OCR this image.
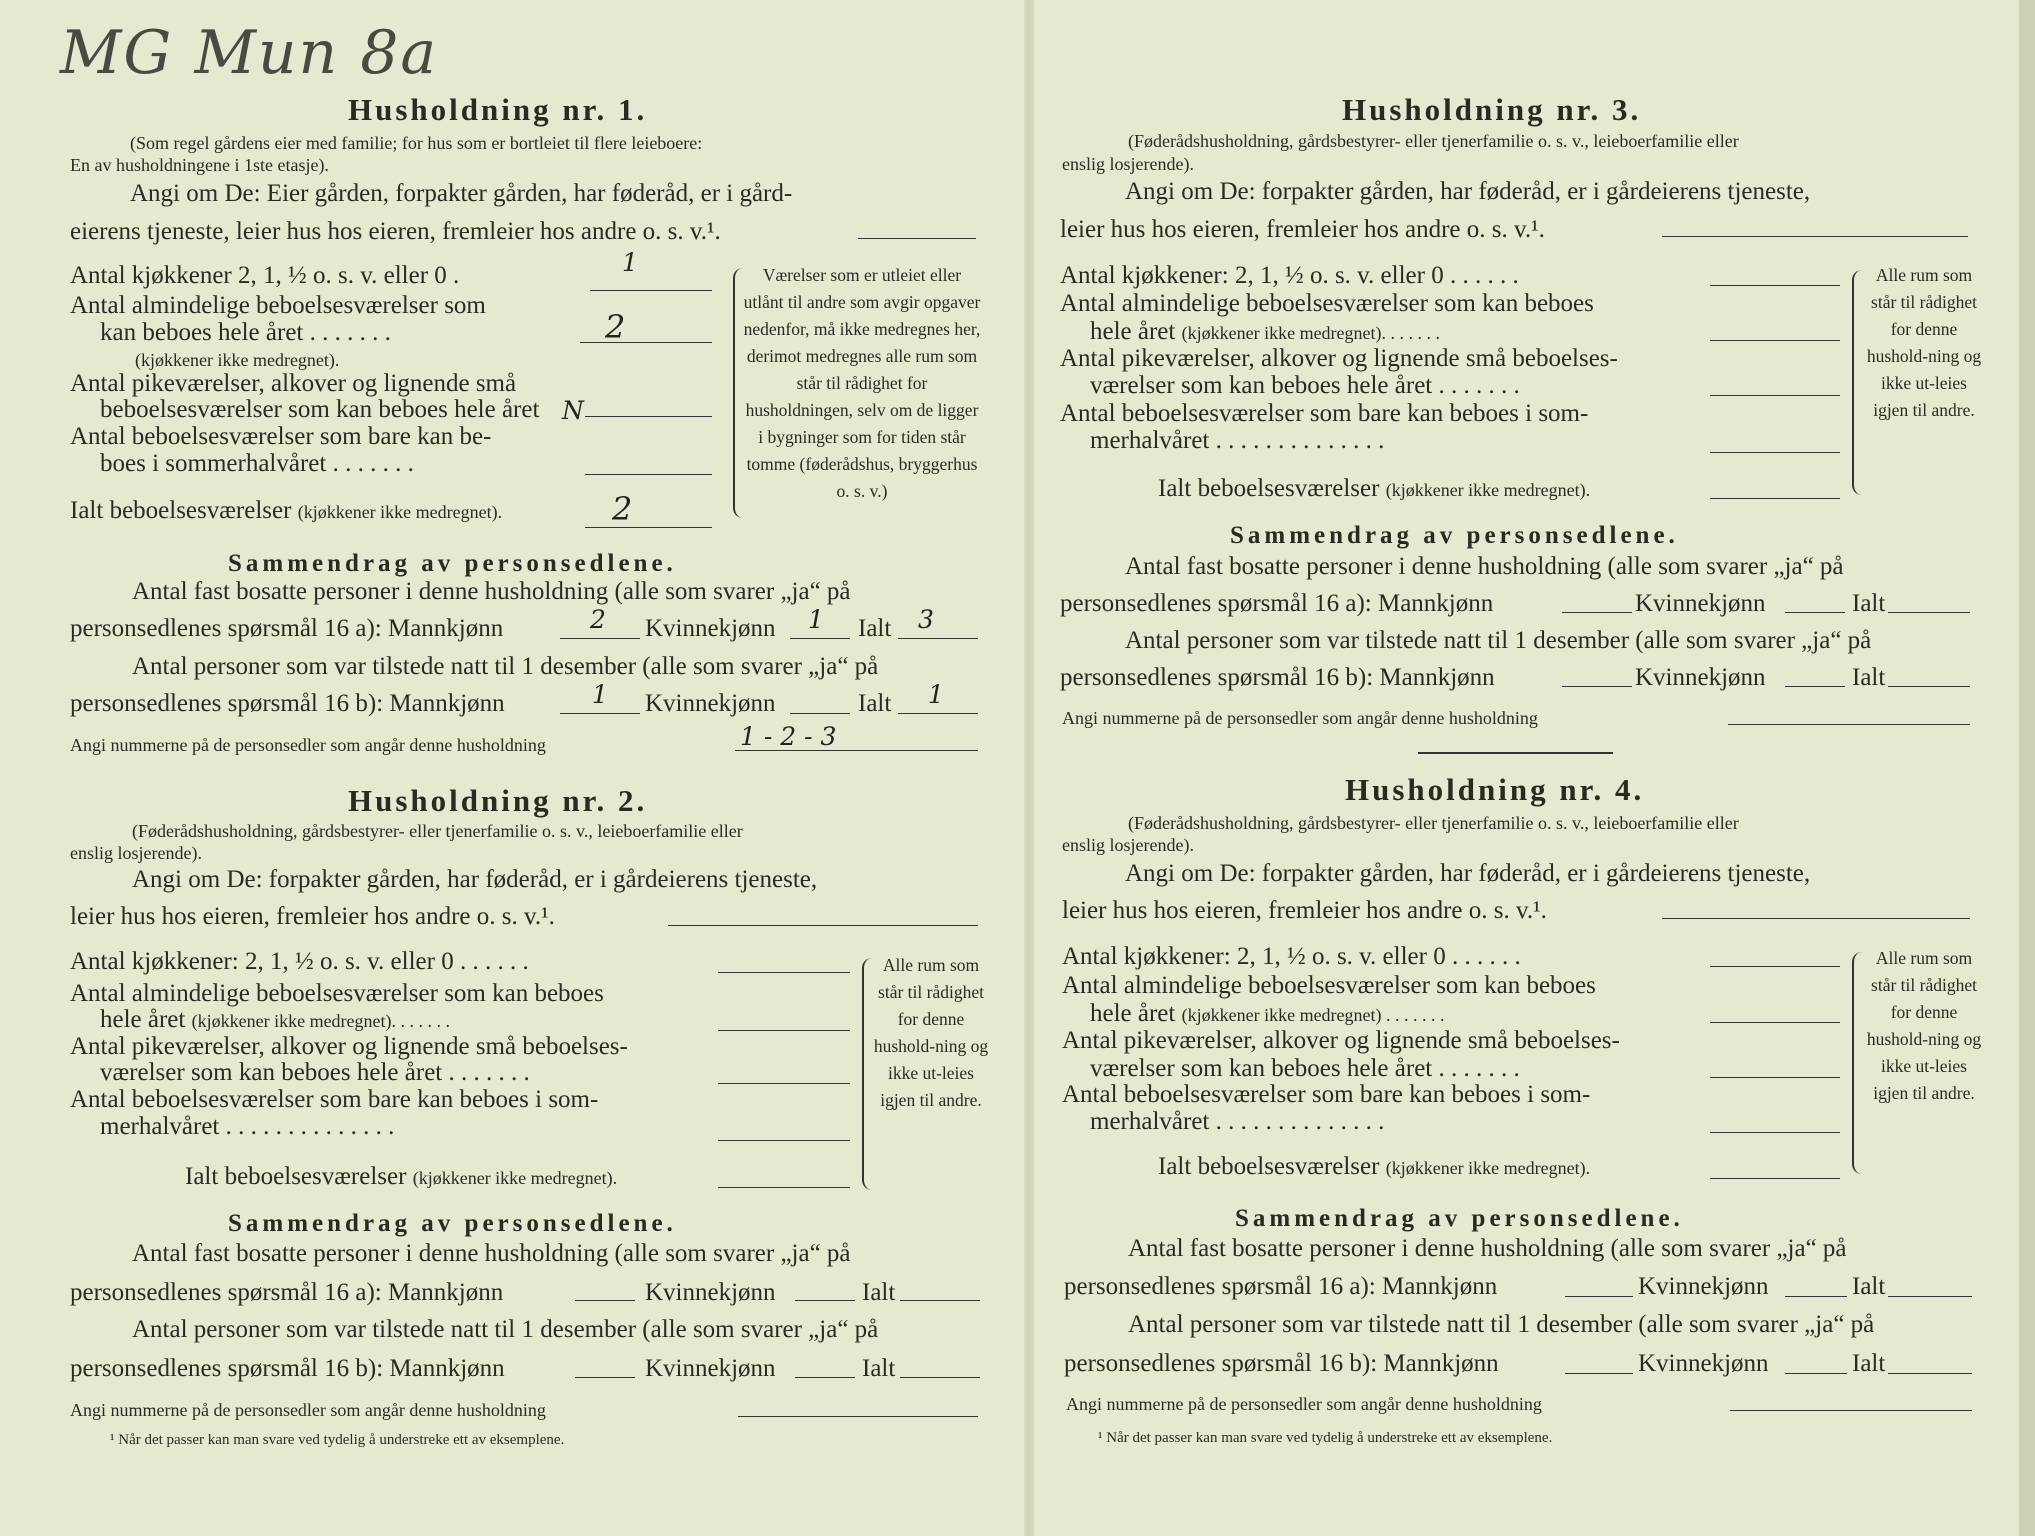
MG Mun 8a
Husholdning nr. 1.
(Som regel gårdens eier med familie; for hus som er bortleiet til flere leieboere:
En av husholdningene i 1ste etasje).
Angi om De: Eier gården, forpakter gården, har føderåd, er i gård-
eierens tjeneste, leier hus hos eieren, fremleier hos andre o. s. v.¹.
Antal kjøkkener 2, 1, ½ o. s. v. eller 0 .	1
Antal almindelige beboelsesværelser som
kan beboes hele året . . . . . . .	2
(kjøkkener ikke medregnet).
Antal pikeværelser, alkover og lignende små
beboelsesværelser som kan beboes hele året N
Antal beboelsesværelser som bare kan be-
boes i sommerhalvåret . . . . . . .
Ialt beboelsesværelser (kjøkkener ikke medregnet).	2
Værelser som er utleiet eller utlånt til andre som avgir opgaver nedenfor, må ikke medregnes her, derimot medregnes alle rum som står til rådighet for husholdningen, selv om de ligger i bygninger som for tiden står tomme (føderådshus, bryggerhus o. s. v.)
Sammendrag av personsedlene.
Antal fast bosatte personer i denne husholdning (alle som svarer „ja“ på
personsedlenes spørsmål 16 a): Mannkjønn	2 Kvinnekjønn 1 Ialt 3
Antal personer som var tilstede natt til 1 desember (alle som svarer „ja“ på
personsedlenes spørsmål 16 b): Mannkjønn	1 Kvinnekjønn	Ialt 1
Angi nummerne på de personsedler som angår denne husholdning	1 - 2 - 3
Husholdning nr. 2.
(Føderådshusholdning, gårdsbestyrer- eller tjenerfamilie o. s. v., leieboerfamilie eller
enslig losjerende).
Angi om De: forpakter gården, har føderåd, er i gårdeierens tjeneste,
leier hus hos eieren, fremleier hos andre o. s. v.¹.
Antal kjøkkener: 2, 1, ½ o. s. v. eller 0 . . . . . .
Antal almindelige beboelsesværelser som kan beboes
hele året (kjøkkener ikke medregnet). . . . . . .
Antal pikeværelser, alkover og lignende små beboelses-
værelser som kan beboes hele året . . . . . . .
Antal beboelsesværelser som bare kan beboes i som-
merhalvåret . . . . . . . . . . . . . .
Ialt beboelsesværelser (kjøkkener ikke medregnet).
Alle rum som står til rådighet for denne hushold-ning og ikke ut-leies igjen til andre.
Sammendrag av personsedlene.
Antal fast bosatte personer i denne husholdning (alle som svarer „ja“ på
personsedlenes spørsmål 16 a): Mannkjønn	Kvinnekjønn	Ialt
Antal personer som var tilstede natt til 1 desember (alle som svarer „ja“ på
personsedlenes spørsmål 16 b): Mannkjønn	Kvinnekjønn	Ialt
Angi nummerne på de personsedler som angår denne husholdning
¹ Når det passer kan man svare ved tydelig å understreke ett av eksemplene.
Husholdning nr. 3.
(Føderådshusholdning, gårdsbestyrer- eller tjenerfamilie o. s. v., leieboerfamilie eller
enslig losjerende).
Angi om De: forpakter gården, har føderåd, er i gårdeierens tjeneste,
leier hus hos eieren, fremleier hos andre o. s. v.¹.
Antal kjøkkener: 2, 1, ½ o. s. v. eller 0 . . . . . .
Antal almindelige beboelsesværelser som kan beboes
hele året (kjøkkener ikke medregnet). . . . . . .
Antal pikeværelser, alkover og lignende små beboelses-
værelser som kan beboes hele året . . . . . . .
Antal beboelsesværelser som bare kan beboes i som-
merhalvåret . . . . . . . . . . . . . .
Ialt beboelsesværelser (kjøkkener ikke medregnet).
Alle rum som står til rådighet for denne hushold-ning og ikke ut-leies igjen til andre.
Sammendrag av personsedlene.
Antal fast bosatte personer i denne husholdning (alle som svarer „ja“ på
personsedlenes spørsmål 16 a): Mannkjønn	Kvinnekjønn	Ialt
Antal personer som var tilstede natt til 1 desember (alle som svarer „ja“ på
personsedlenes spørsmål 16 b): Mannkjønn	Kvinnekjønn	Ialt
Angi nummerne på de personsedler som angår denne husholdning
Husholdning nr. 4.
(Føderådshusholdning, gårdsbestyrer- eller tjenerfamilie o. s. v., leieboerfamilie eller
enslig losjerende).
Angi om De: forpakter gården, har føderåd, er i gårdeierens tjeneste,
leier hus hos eieren, fremleier hos andre o. s. v.¹.
Antal kjøkkener: 2, 1, ½ o. s. v. eller 0 . . . . . .
Antal almindelige beboelsesværelser som kan beboes
hele året (kjøkkener ikke medregnet) . . . . . . .
Antal pikeværelser, alkover og lignende små beboelses-
værelser som kan beboes hele året . . . . . . .
Antal beboelsesværelser som bare kan beboes i som-
merhalvåret . . . . . . . . . . . . . .
Ialt beboelsesværelser (kjøkkener ikke medregnet).
Alle rum som står til rådighet for denne hushold-ning og ikke ut-leies igjen til andre.
Sammendrag av personsedlene.
Antal fast bosatte personer i denne husholdning (alle som svarer „ja“ på
personsedlenes spørsmål 16 a): Mannkjønn	Kvinnekjønn	Ialt
Antal personer som var tilstede natt til 1 desember (alle som svarer „ja“ på
personsedlenes spørsmål 16 b): Mannkjønn	Kvinnekjønn	Ialt
Angi nummerne på de personsedler som angår denne husholdning
¹ Når det passer kan man svare ved tydelig å understreke ett av eksemplene.
